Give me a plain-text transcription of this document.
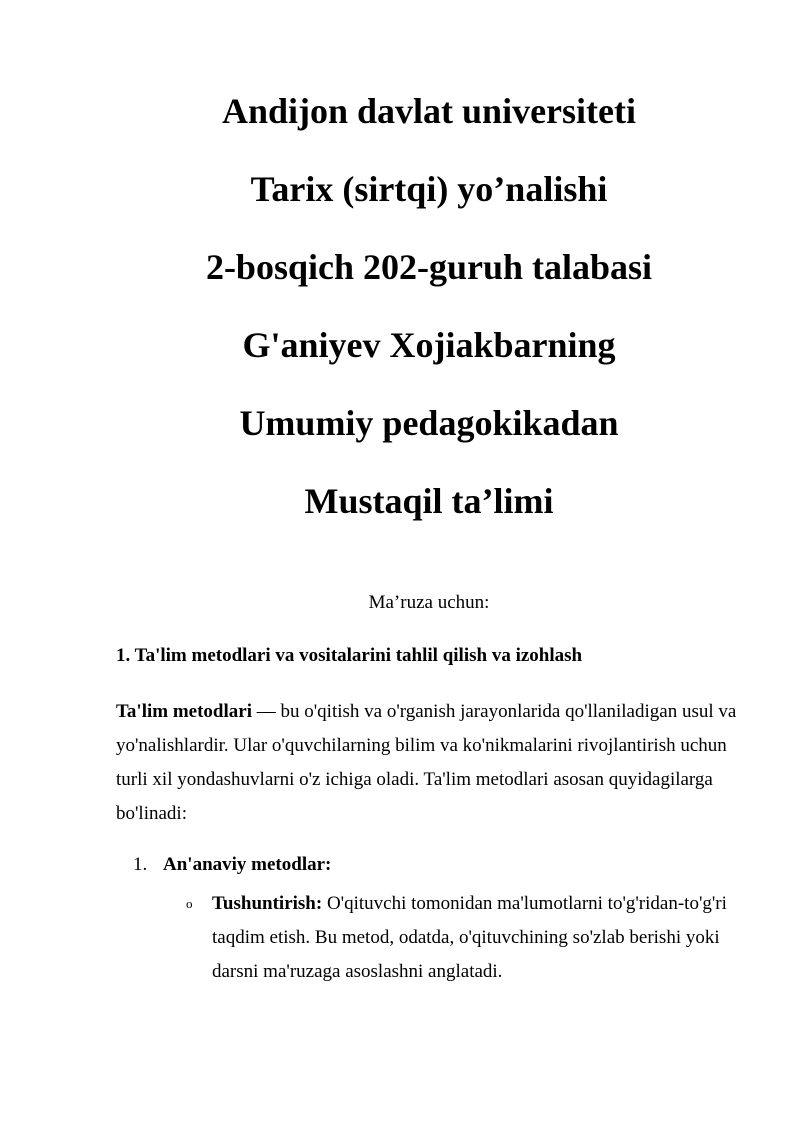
Andijon davlat universiteti
Tarix (sirtqi) yo’nalishi
2-bosqich 202-guruh talabasi
G'aniyev Xojiakbarning
Umumiy pedagokikadan
Mustaqil ta’limi
Ma’ruza uchun:
1. Ta'lim metodlari va vositalarini tahlil qilish va izohlash
Ta'lim metodlari — bu o'qitish va o'rganish jarayonlarida qo'llaniladigan usul va yo'nalishlardir. Ular o'quvchilarning bilim va ko'nikmalarini rivojlantirish uchun turli xil yondashuvlarni o'z ichiga oladi. Ta'lim metodlari asosan quyidagilarga bo'linadi:
1. An'anaviy metodlar:
o Tushuntirish: O'qituvchi tomonidan ma'lumotlarni to'g'ridan-to'g'ri taqdim etish. Bu metod, odatda, o'qituvchining so'zlab berishi yoki darsni ma'ruzaga asoslashni anglatadi.
